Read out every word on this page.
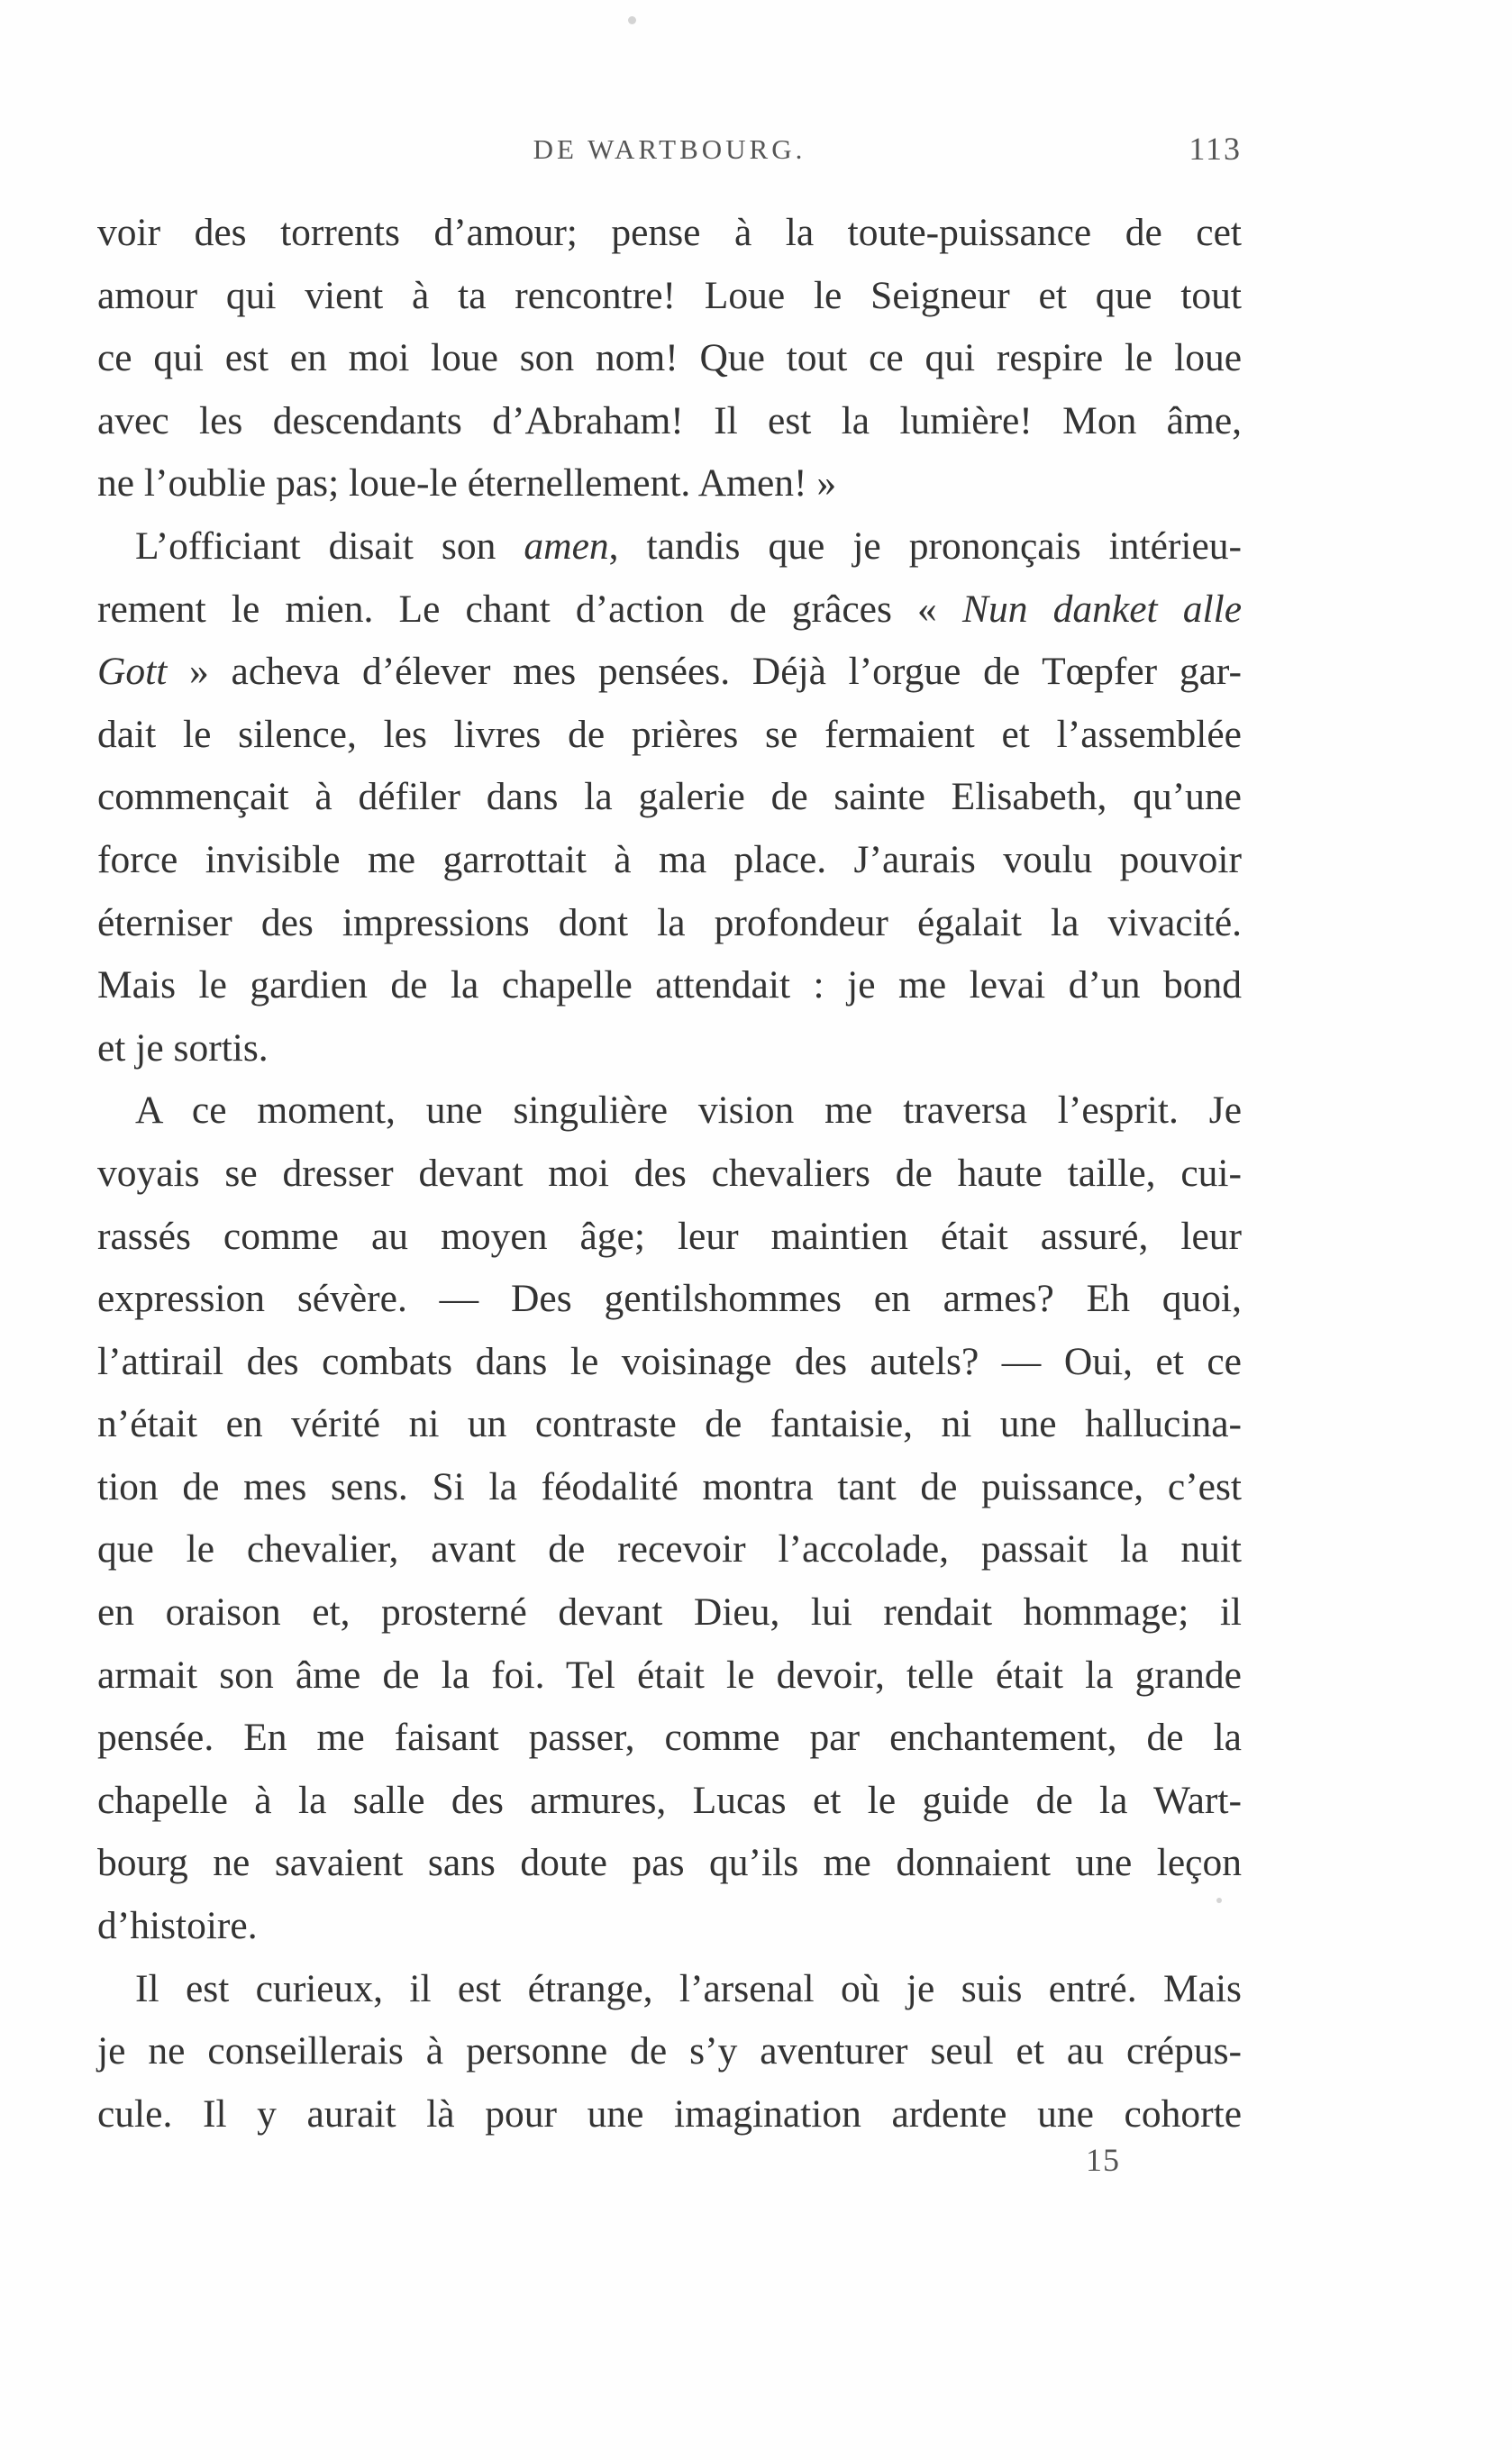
DE WARTBOURG.	113

voir des torrents d’amour; pense à la toute-puissance de cet
amour qui vient à ta rencontre! Loue le Seigneur et que tout
ce qui est en moi loue son nom! Que tout ce qui respire le loue
avec les descendants d’Abraham! Il est la lumière! Mon âme,
ne l’oublie pas; loue-le éternellement. Amen! »

L’officiant disait son amen, tandis que je prononçais intérieu-
rement le mien. Le chant d’action de grâces « Nun danket alle
Gott » acheva d’élever mes pensées. Déjà l’orgue de Tœpfer gar-
dait le silence, les livres de prières se fermaient et l’assemblée
commençait à défiler dans la galerie de sainte Elisabeth, qu’une
force invisible me garrottait à ma place. J’aurais voulu pouvoir
éterniser des impressions dont la profondeur égalait la vivacité.
Mais le gardien de la chapelle attendait : je me levai d’un bond
et je sortis.

A ce moment, une singulière vision me traversa l’esprit. Je
voyais se dresser devant moi des chevaliers de haute taille, cui-
rassés comme au moyen âge; leur maintien était assuré, leur
expression sévère. — Des gentilshommes en armes? Eh quoi,
l’attirail des combats dans le voisinage des autels? — Oui, et ce
n’était en vérité ni un contraste de fantaisie, ni une hallucina-
tion de mes sens. Si la féodalité montra tant de puissance, c’est
que le chevalier, avant de recevoir l’accolade, passait la nuit
en oraison et, prosterné devant Dieu, lui rendait hommage; il
armait son âme de la foi. Tel était le devoir, telle était la grande
pensée. En me faisant passer, comme par enchantement, de la
chapelle à la salle des armures, Lucas et le guide de la Wart-
bourg ne savaient sans doute pas qu’ils me donnaient une leçon
d’histoire.

Il est curieux, il est étrange, l’arsenal où je suis entré. Mais
je ne conseillerais à personne de s’y aventurer seul et au crépus-
cule. Il y aurait là pour une imagination ardente une cohorte

15
